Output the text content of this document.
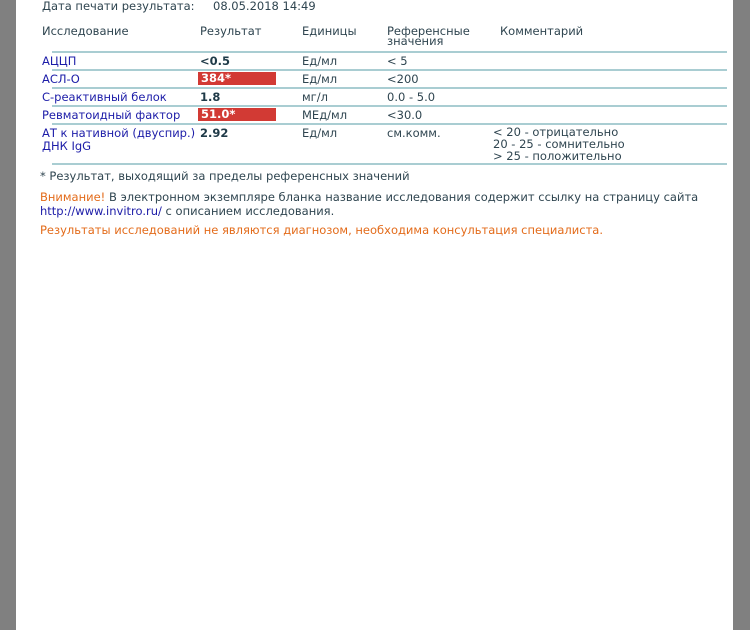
Дата печати результата: 08.05.2018 14:49
Исследование	Результат	Единицы	Референсные
значения
Комментарий
АЦЦП	<0.5	Ед/мл	< 5
АСЛ-О	384*	Ед/мл	<200
С-реактивный белок	1.8	мг/л	0.0 - 5.0
Ревматоидный фактор 51.0*	МЕд/мл	<30.0
АТ к нативной (двуспир.)
ДНК IgG
2.92	Ед/мл	см.комм.	< 20 - отрицательно
20 - 25 - сомнительно
> 25 - положительно
* Результат, выходящий за пределы референсных значений
Внимание! В электронном экземпляре бланка название исследования содержит ссылку на страницу сайта
http://www.invitro.ru/ с описанием исследования.
Результаты исследований не являются диагнозом, необходима консультация специалиста.
